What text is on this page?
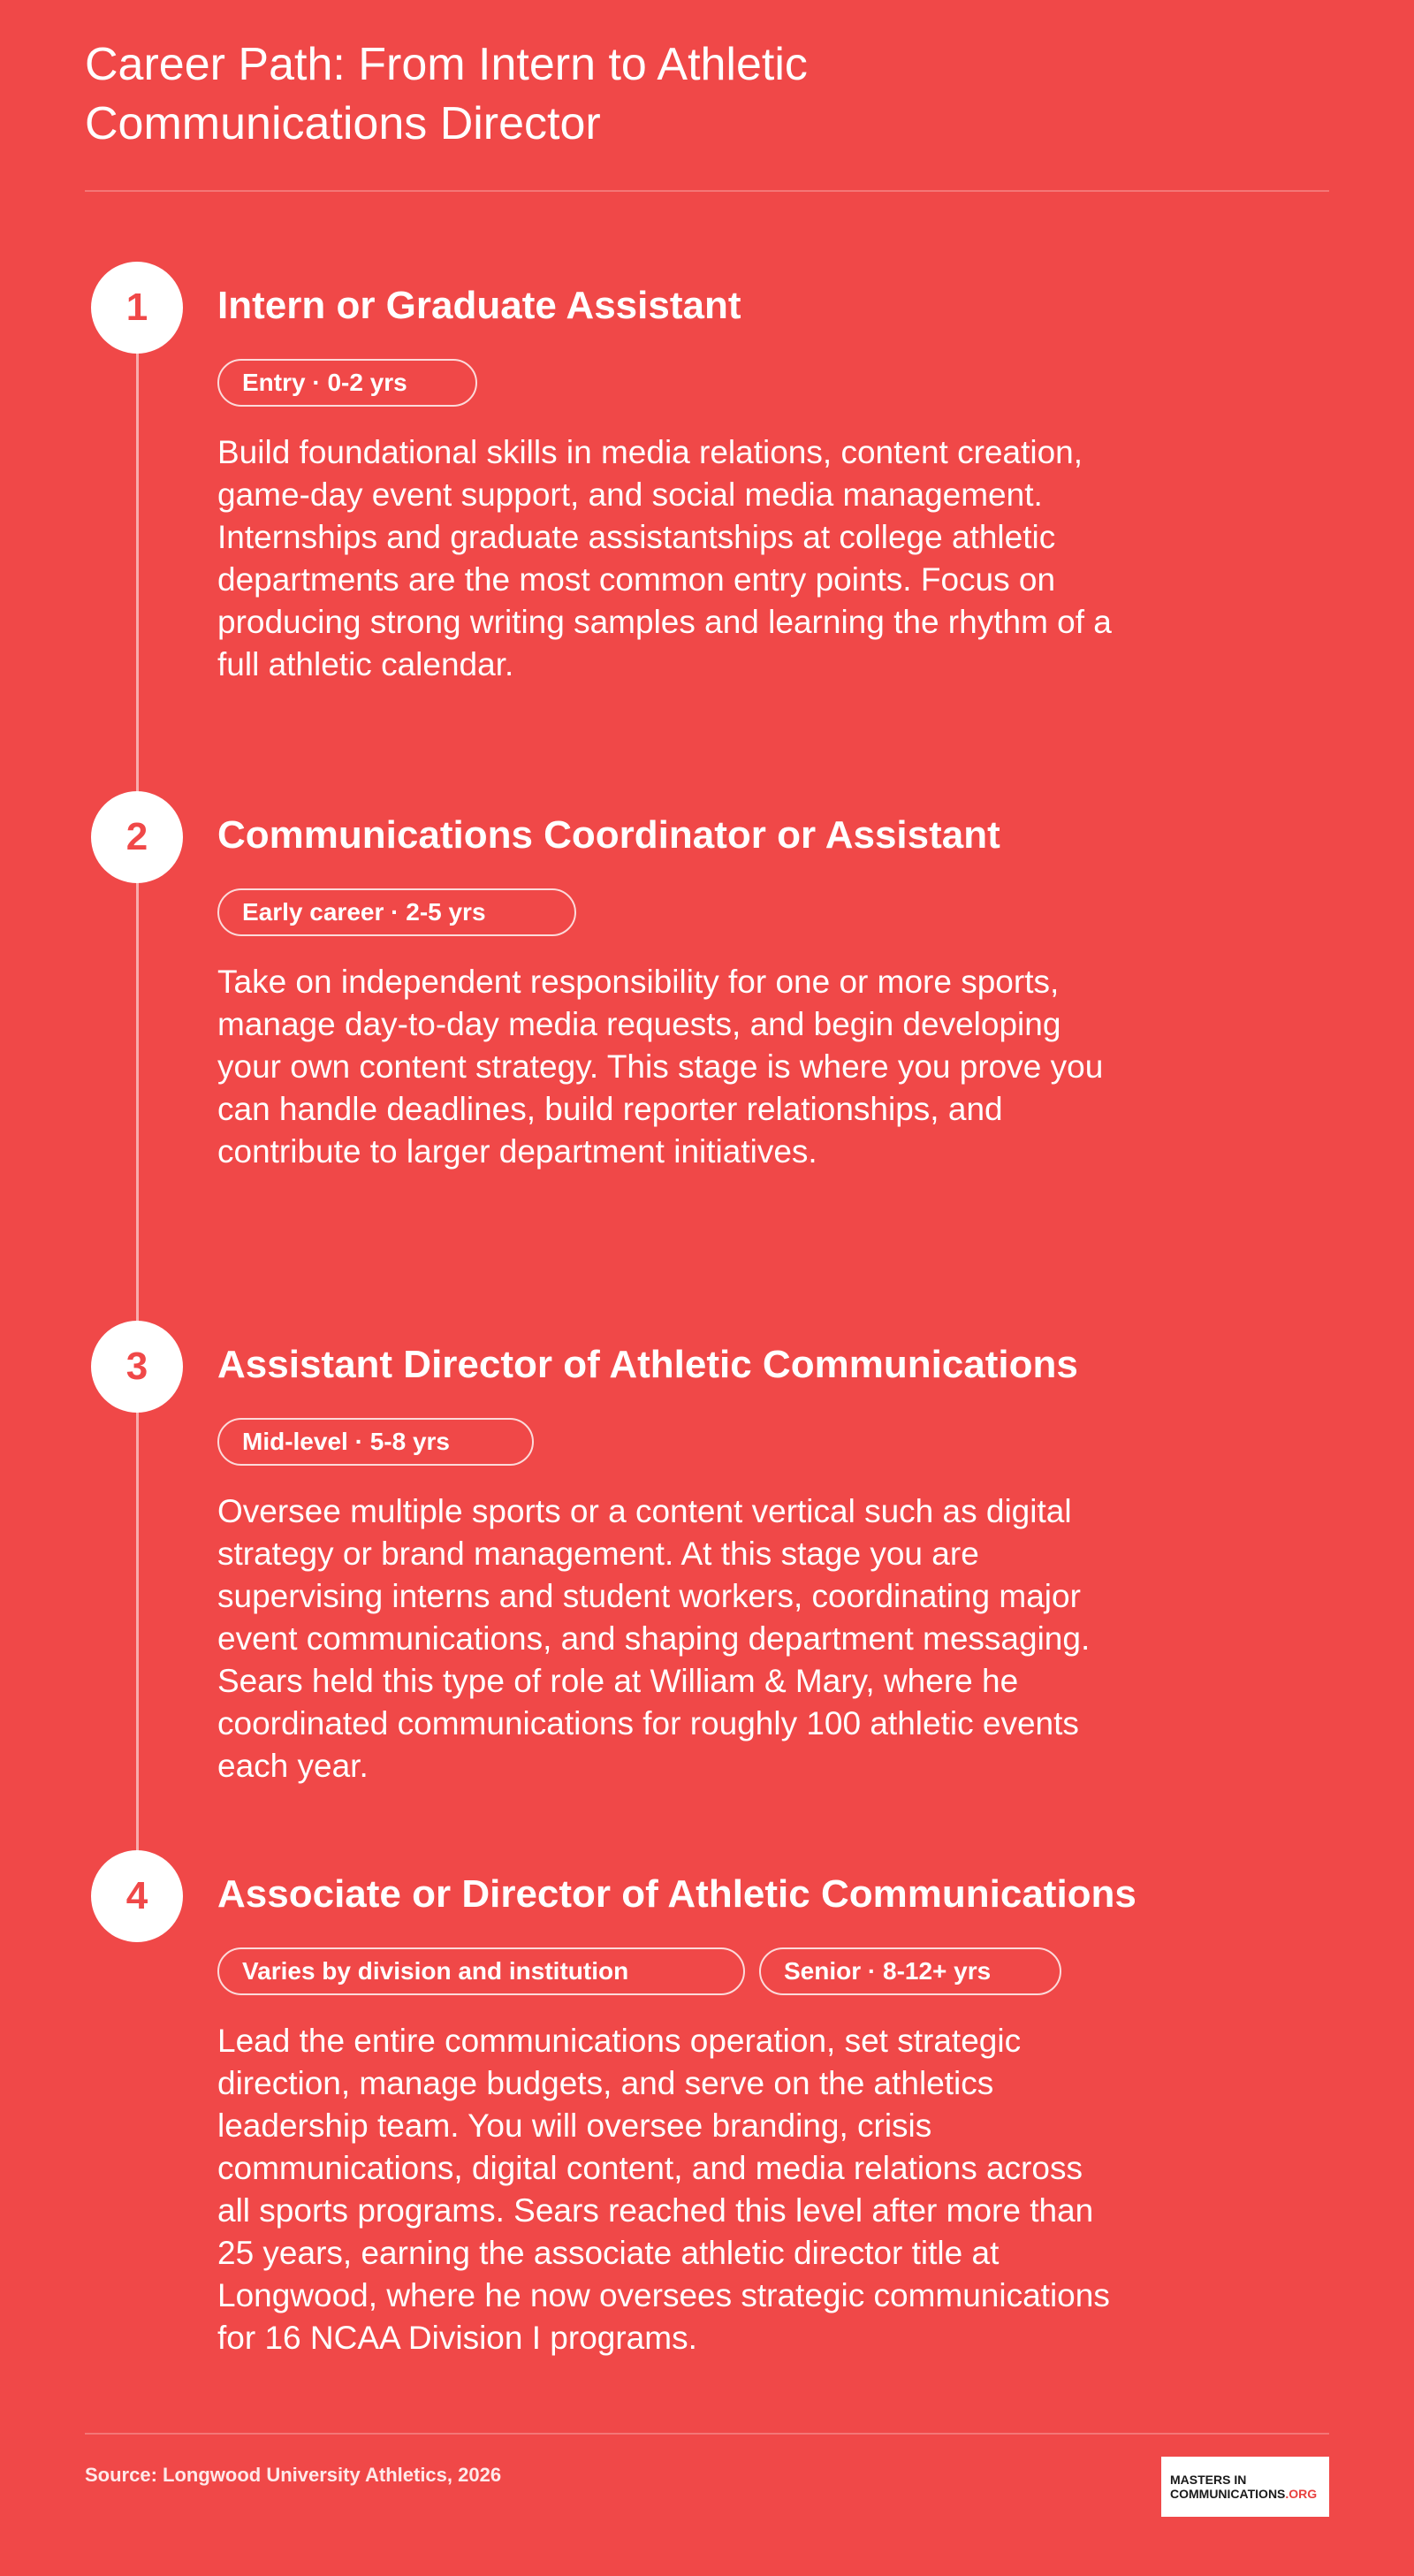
Career Path: From Intern to Athletic Communications Director
1	Intern or Graduate Assistant
Entry · 0-2 yrs

Build foundational skills in media relations, content creation, game-day event support, and social media management. Internships and graduate assistantships at college athletic departments are the most common entry points. Focus on producing strong writing samples and learning the rhythm of a full athletic calendar.

2	Communications Coordinator or Assistant
Early career · 2-5 yrs

Take on independent responsibility for one or more sports, manage day-to-day media requests, and begin developing your own content strategy. This stage is where you prove you can handle deadlines, build reporter relationships, and contribute to larger department initiatives.

3	Assistant Director of Athletic Communications
Mid-level · 5-8 yrs

Oversee multiple sports or a content vertical such as digital strategy or brand management. At this stage you are supervising interns and student workers, coordinating major event communications, and shaping department messaging. Sears held this type of role at William & Mary, where he coordinated communications for roughly 100 athletic events each year.

4	Associate or Director of Athletic Communications
Varies by division and institution	Senior · 8-12+ yrs

Lead the entire communications operation, set strategic direction, manage budgets, and serve on the athletics leadership team. You will oversee branding, crisis communications, digital content, and media relations across all sports programs. Sears reached this level after more than 25 years, earning the associate athletic director title at Longwood, where he now oversees strategic communications for 16 NCAA Division I programs.

Source: Longwood University Athletics, 2026	MASTERS IN
COMMUNICATIONS.ORG
